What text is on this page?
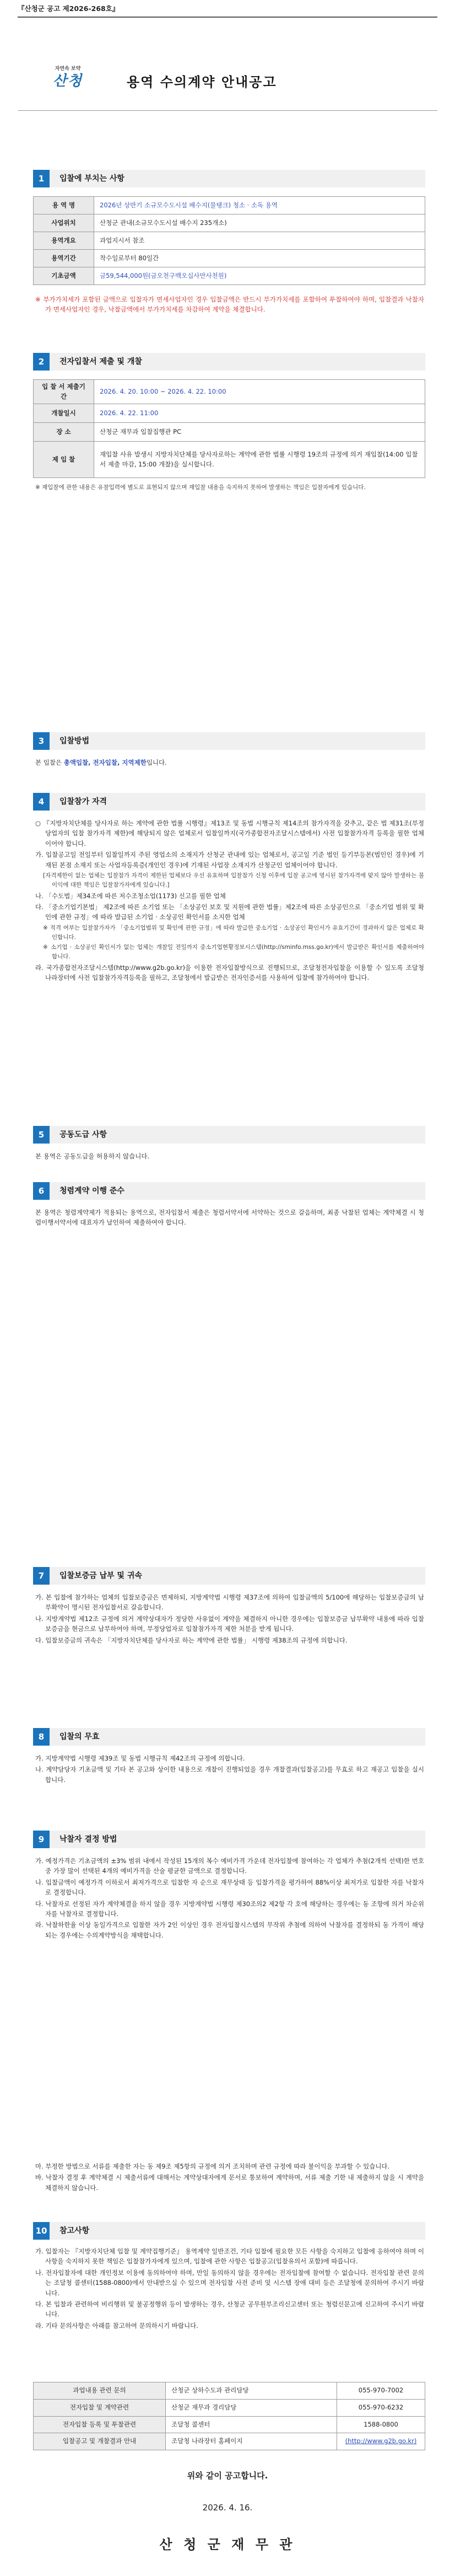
『산청군 공고 제2026-268호』
자연속 보약
산청	용역 수의계약 안내공고
1	입찰에 부치는 사항
용 역 명	2026년 상반기 소규모수도시설 배수지(물탱크) 청소 · 소독 용역
사업위치	산청군 관내(소규모수도시설 배수지 235개소)
용역개요	과업지시서 참조
용역기간	착수일로부터 80일간
기초금액	금59,544,000원(금오천구백오십사만사천원)

※ 부가가치세가 포함된 금액으로 입찰자가 면세사업자인 경우 입찰금액은 반드시 부가가치세를 포함하여 투찰하여야 하며, 입찰결과 낙찰자가 면세사업자인 경우, 낙찰금액에서 부가가치세를 차감하여 계약을 체결합니다.

2	전자입찰서 제출 및 개찰
입 찰 서 제출기간	2026. 4. 20. 10:00 ~ 2026. 4. 22. 10:00
개찰일시	2026. 4. 22. 11:00
장 소	산청군 재무과 입찰집행관 PC
제 입 찰	재입찰 사유 발생시 지방자치단체를 당사자로하는 계약에 관한 법률 시행령 19조의 규정에 의거 재입찰(14:00 입찰서 제출 마감, 15:00 개찰)을 실시합니다.

※ 재입찰에 관한 내용은 유찰입력에 별도로 표현되지 않으며 재입찰 내용을 숙지하지 못하여 발생하는 책임은 입찰자에게 있습니다.

3	입찰방법

본 입찰은 총액입찰, 전자입찰, 지역제한입니다.

4	입찰참가 자격

○ 『지방자치단체를 당사자로 하는 계약에 관한 법률 시행령』제13조 및 동법 시행규칙 제14조의 참가자격을 갖추고, 같은 법 제31조(부정당업자의 입찰 참가자격 제한)에 해당되지 않은 업체로서 입찰일까지(국가종합전자조달시스템에서) 사전 입찰참가자격 등록을 필한 업체이어야 합니다.

가. 입찰공고일 전일부터 입찰일까지 주된 영업소의 소재지가 산청군 관내에 있는 업체로서, 공고일 기준 법인 등기부등본(법인인 경우)에 기재된 본점 소재지 또는 사업자등록증(개인인 경우)에 기재된 사업장 소재지가 산청군인 업체이어야 합니다.

[자격제한이 없는 업체는 입찰참가 자격이 제한된 업체보다 우선 유효하며 입찰참가 신청 이후에 입찰 공고에 명시된 참가자격에 맞지 않아 발생하는 불이익에 대한 책임은 입찰참가자에게 있습니다.]

나. 「수도법」제34조에 따른 저수조청소업(1173) 신고를 필한 업체

다. 「중소기업기본법」 제2조에 따른 소기업 또는 「소상공인 보호 및 지원에 관한 법률」제2조에 따른 소상공인으로 「중소기업 범위 및 확인에 관한 규정」에 따라 발급된 소기업 · 소상공인 확인서를 소지한 업체

※ 적격 여부는 입찰참가자가 「중소기업범위 및 확인에 관한 규정」에 따라 발급한 중소기업 · 소상공인 확인서가 유효기간이 경과하지 않은 업체로 확인합니다.

※ 소기업 · 소상공인 확인서가 없는 업체는 개찰일 전일까지 중소기업현황정보시스템(http://sminfo.mss.go.kr)에서 발급받은 확인서를 제출하여야 합니다.

라. 국가종합전자조달시스템(http://www.g2b.go.kr)을 이용한 전자입찰방식으로 진행되므로, 조달청전자입찰을 이용할 수 있도록 조달청 나라장터에 사전 입찰참가자격등록을 필하고, 조달청에서 발급받은 전자인증서를 사용하여 입찰에 참가하여야 합니다.

5	공동도급 사항

본 용역은 공동도급을 허용하지 않습니다.

6	청렴계약 이행 준수

본 용역은 청렴계약제가 적용되는 용역으로, 전자입찰서 제출은 청렴서약서에 서약하는 것으로 갈음하며, 최종 낙찰된 업체는 계약체결 시 청렴이행서약서에 대표자가 날인하여 제출하여야 합니다.

7	입찰보증금 납부 및 귀속

가. 본 입찰에 참가하는 업체의 입찰보증금은 면제하되, 지방계약법 시행령 제37조에 의하여 입찰금액의 5/100에 해당하는 입찰보증금의 납부확약이 명시된 전자입찰서로 갈음합니다.

나. 지방계약법 제12조 규정에 의거 계약상대자가 정당한 사유없이 계약을 체결하지 아니한 경우에는 입찰보증금 납부확약 내용에 따라 입찰보증금을 현금으로 납부하여야 하며, 부정당업자로 입찰참가자격 제한 처분을 받게 됩니다.

다. 입찰보증금의 귀속은 「지방자치단체를 당사자로 하는 계약에 관한 법률」 시행령 제38조의 규정에 의합니다.

8	입찰의 무효

가. 지방계약법 시행령 제39조 및 동법 시행규칙 제42조의 규정에 의합니다.

나. 계약담당자 기초금액 및 기타 본 공고와 상이한 내용으로 개찰이 진행되었을 경우 개찰결과(입찰공고)를 무효로 하고 재공고 입찰을 실시합니다.

9	낙찰자 결정 방법

가. 예정가격은 기초금액의 ±3% 범위 내에서 작성된 15개의 복수 예비가격 가운데 전자입찰에 참여하는 각 업체가 추첨(2개씩 선택)한 번호 중 가장 많이 선택된 4개의 예비가격을 산술 평균한 금액으로 결정합니다.

나. 입찰금액이 예정가격 이하로서 최저가격으로 입찰한 자 순으로 재무상태 등 입찰가격을 평가하여 88%이상 최저가로 입찰한 자를 낙찰자로 결정합니다.

다. 낙찰자로 선정된 자가 계약체결을 하지 않을 경우 지방계약법 시행령 제30조의2 제2항 각 호에 해당하는 경우에는 동 조항에 의거 차순위 자를 낙찰자로 결정합니다.

라. 낙찰하한율 이상 동일가격으로 입찰한 자가 2인 이상인 경우 전자입찰시스템의 무작위 추첨에 의하여 낙찰자를 결정하되 동 가격이 해당되는 경우에는 수의계약방식을 채택합니다.

마. 부정한 방법으로 서류를 제출한 자는 동 제9조 제5항의 규정에 의거 조치하며 관련 규정에 따라 불이익을 부과할 수 있습니다.

바. 낙찰자 결정 후 계약체결 시 제출서류에 대해서는 계약상대자에게 문서로 통보하여 계약하며, 서류 제출 기한 내 제출하지 않을 시 계약을 체결하지 않습니다.

10	참고사항

가. 입찰자는 『지방자치단체 입찰 및 계약집행기준』 용역계약 일반조건, 기타 입찰에 필요한 모든 사항을 숙지하고 입찰에 응하여야 하며 이 사항을 숙지하지 못한 책임은 입찰참가자에게 있으며, 입찰에 관한 사항은 입찰공고(입찰유의서 포함)에 따릅니다.

나. 전자입찰자에 대한 개인정보 이용에 동의하여야 하며, 만일 동의하지 않을 경우에는 전자입찰에 참여할 수 없습니다. 전자입찰 관련 문의는 조달청 콜센터(1588-0800)에서 안내받으실 수 있으며 전자입찰 사전 준비 및 시스템 장애 대비 등은 조달청에 문의하여 주시기 바랍니다.

다. 본 입찰과 관련하여 비리행위 및 불공정행위 등이 발생하는 경우, 산청군 공무원부조리신고센터 또는 청렴신문고에 신고하여 주시기 바랍니다.

라. 기타 문의사항은 아래를 참고하여 문의하시기 바랍니다.

과업내용 관련 문의	산청군 상하수도과 관리담당	055-970-7002
전자입찰 및 계약관련	산청군 재무과 경리담당	055-970-6232
전자입찰 등록 및 투찰관련	조달청 콜센터	1588-0800
입찰공고 및 개찰결과 안내	조달청 나라장터 홈페이지	(http://www.g2b.go.kr)
위와 같이 공고합니다.
2026. 4. 16.
산 청 군 재 무 관
